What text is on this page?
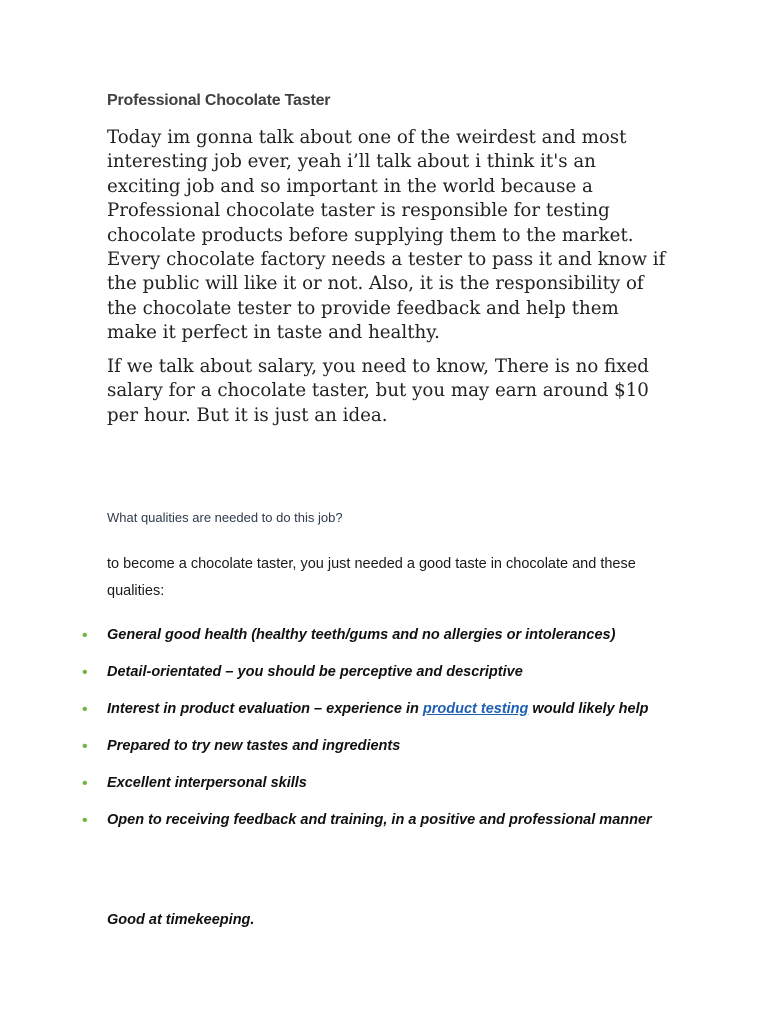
Professional Chocolate Taster

Today im gonna talk about one of the weirdest and most interesting job ever, yeah i’ll talk about i think it's an exciting job and so important in the world because a Professional chocolate taster is responsible for testing chocolate products before supplying them to the market. Every chocolate factory needs a tester to pass it and know if the public will like it or not. Also, it is the responsibility of the chocolate tester to provide feedback and help them make it perfect in taste and healthy.

If we talk about salary, you need to know, There is no fixed salary for a chocolate taster, but you may earn around $10 per hour. But it is just an idea.

What qualities are needed to do this job?

to become a chocolate taster, you just needed a good taste in chocolate and these qualities:

• General good health (healthy teeth/gums and no allergies or intolerances)
• Detail-orientated – you should be perceptive and descriptive
• Interest in product evaluation – experience in product testing would likely help
• Prepared to try new tastes and ingredients
• Excellent interpersonal skills
• Open to receiving feedback and training, in a positive and professional manner

Good at timekeeping.
